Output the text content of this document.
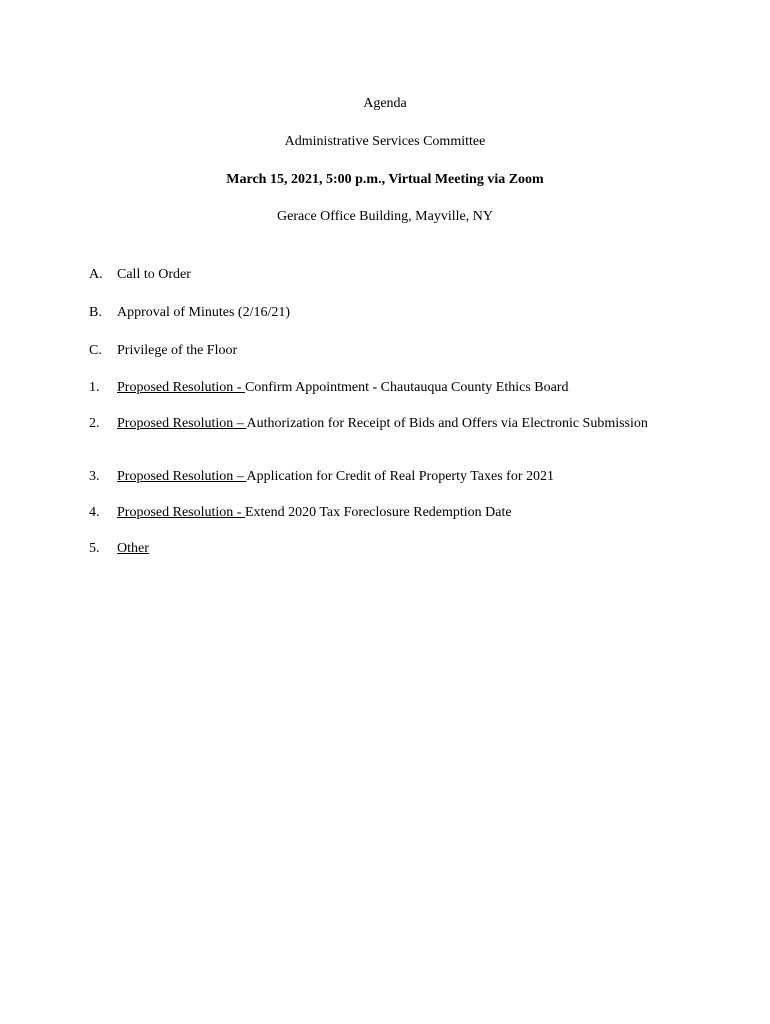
Agenda
Administrative Services Committee
March 15, 2021, 5:00 p.m., Virtual Meeting via Zoom
Gerace Office Building, Mayville, NY
A. Call to Order
B. Approval of Minutes (2/16/21)
C. Privilege of the Floor
1. Proposed Resolution - Confirm Appointment - Chautauqua County Ethics Board
2. Proposed Resolution – Authorization for Receipt of Bids and Offers via Electronic Submission
3. Proposed Resolution – Application for Credit of Real Property Taxes for 2021
4. Proposed Resolution - Extend 2020 Tax Foreclosure Redemption Date
5. Other
